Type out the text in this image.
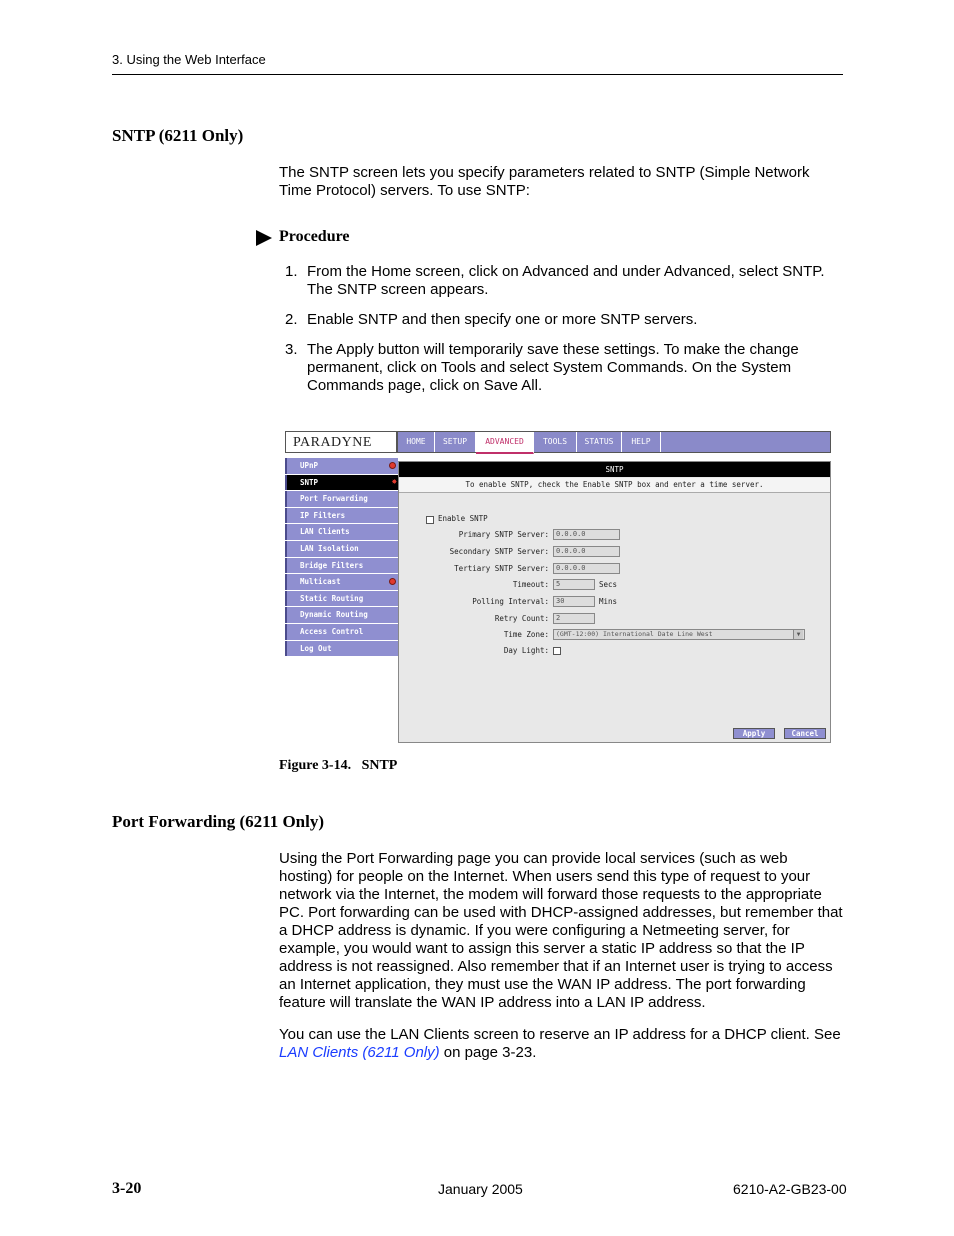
3. Using the Web Interface
SNTP (6211 Only)
The SNTP screen lets you specify parameters related to SNTP (Simple Network Time Protocol) servers. To use SNTP:
Procedure
1. From the Home screen, click on Advanced and under Advanced, select SNTP. The SNTP screen appears.
2. Enable SNTP and then specify one or more SNTP servers.
3. The Apply button will temporarily save these settings. To make the change permanent, click on Tools and select System Commands. On the System Commands page, click on Save All.
PARADYNE	HOME	SETUP	ADVANCED	TOOLS	STATUS	HELP
UPnP
SNTP	✸
Port Forwarding
IP Filters
LAN Clients
LAN Isolation
Bridge Filters
Multicast
Static Routing
Dynamic Routing
Access Control
Log Out
SNTP
To enable SNTP, check the Enable SNTP box and enter a time server.
Enable SNTP
Primary SNTP Server:	0.0.0.0
Secondary SNTP Server:	0.0.0.0
Tertiary SNTP Server:	0.0.0.0
Timeout:	5	Secs
Polling Interval:	30	Mins
Retry Count:	2
Time Zone:	(GMT-12:00) International Date Line West	▼
Day Light:
Apply	Cancel
Figure 3-14.   SNTP
Port Forwarding (6211 Only)
Using the Port Forwarding page you can provide local services (such as web hosting) for people on the Internet. When users send this type of request to your network via the Internet, the modem will forward those requests to the appropriate PC. Port forwarding can be used with DHCP-assigned addresses, but remember that a DHCP address is dynamic. If you were configuring a Netmeeting server, for example, you would want to assign this server a static IP address so that the IP address is not reassigned. Also remember that if an Internet user is trying to access an Internet application, they must use the WAN IP address. The port forwarding feature will translate the WAN IP address into a LAN IP address.
You can use the LAN Clients screen to reserve an IP address for a DHCP client. See LAN Clients (6211 Only) on page 3-23.
3-20	January 2005	6210-A2-GB23-00
